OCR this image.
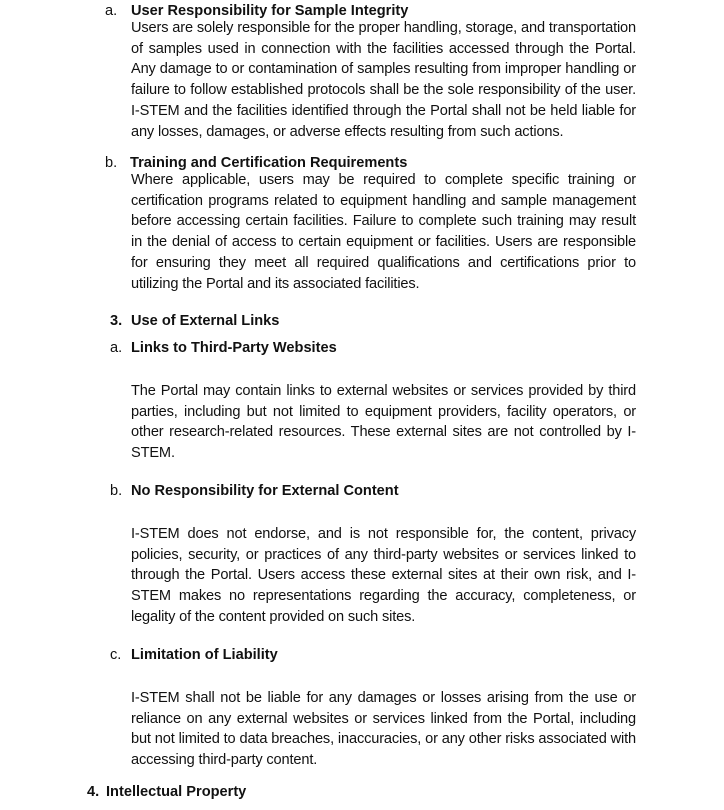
a. User Responsibility for Sample Integrity

Users are solely responsible for the proper handling, storage, and transportation of samples used in connection with the facilities accessed through the Portal. Any damage to or contamination of samples resulting from improper handling or failure to follow established protocols shall be the sole responsibility of the user. I-STEM and the facilities identified through the Portal shall not be held liable for any losses, damages, or adverse effects resulting from such actions.

b. Training and Certification Requirements

Where applicable, users may be required to complete specific training or certification programs related to equipment handling and sample management before accessing certain facilities. Failure to complete such training may result in the denial of access to certain equipment or facilities. Users are responsible for ensuring they meet all required qualifications and certifications prior to utilizing the Portal and its associated facilities.

3. Use of External Links
a. Links to Third-Party Websites

The Portal may contain links to external websites or services provided by third parties, including but not limited to equipment providers, facility operators, or other research-related resources. These external sites are not controlled by I-STEM.

b. No Responsibility for External Content

I-STEM does not endorse, and is not responsible for, the content, privacy policies, security, or practices of any third-party websites or services linked to through the Portal. Users access these external sites at their own risk, and I-STEM makes no representations regarding the accuracy, completeness, or legality of the content provided on such sites.

c. Limitation of Liability

I-STEM shall not be liable for any damages or losses arising from the use or reliance on any external websites or services linked from the Portal, including but not limited to data breaches, inaccuracies, or any other risks associated with accessing third-party content.

4. Intellectual Property
